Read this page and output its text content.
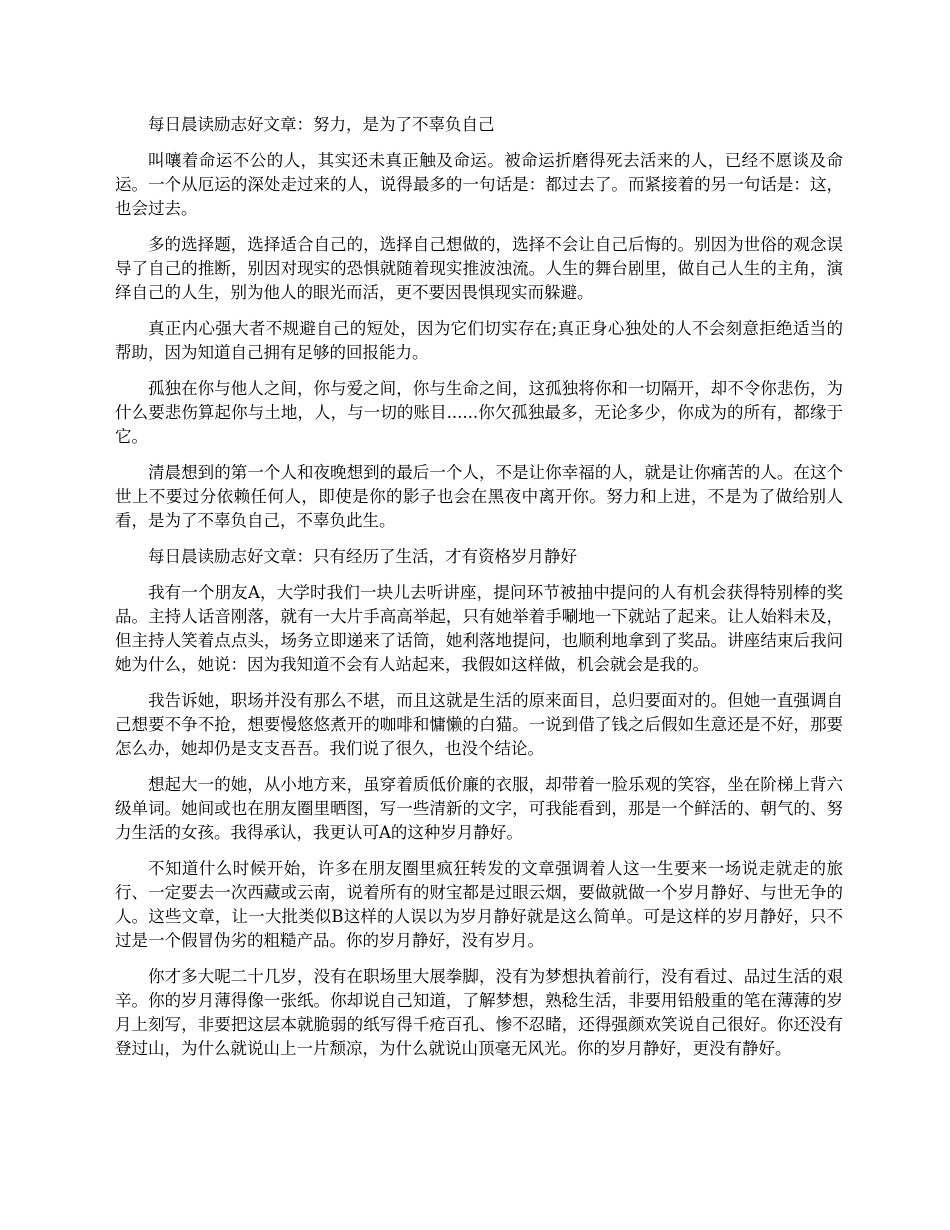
每日晨读励志好文章：努力，是为了不辜负自己

叫嚷着命运不公的人，其实还未真正触及命运。被命运折磨得死去活来的人，已经不愿谈及命运。一个从厄运的深处走过来的人，说得最多的一句话是：都过去了。而紧接着的另一句话是：这，也会过去。

多的选择题，选择适合自己的，选择自己想做的，选择不会让自己后悔的。别因为世俗的观念误导了自己的推断，别因对现实的恐惧就随着现实推波浊流。人生的舞台剧里，做自己人生的主角，演绎自己的人生，别为他人的眼光而活，更不要因畏惧现实而躲避。

真正内心强大者不规避自己的短处，因为它们切实存在;真正身心独处的人不会刻意拒绝适当的帮助，因为知道自己拥有足够的回报能力。

孤独在你与他人之间，你与爱之间，你与生命之间，这孤独将你和一切隔开，却不令你悲伤，为什么要悲伤算起你与土地，人，与一切的账目......你欠孤独最多，无论多少，你成为的所有，都缘于它。

清晨想到的第一个人和夜晚想到的最后一个人，不是让你幸福的人，就是让你痛苦的人。在这个世上不要过分依赖任何人，即使是你的影子也会在黑夜中离开你。努力和上进，不是为了做给别人看，是为了不辜负自己，不辜负此生。

每日晨读励志好文章：只有经历了生活，才有资格岁月静好

我有一个朋友A，大学时我们一块儿去听讲座，提问环节被抽中提问的人有机会获得特别棒的奖品。主持人话音刚落，就有一大片手高高举起，只有她举着手唰地一下就站了起来。让人始料未及，但主持人笑着点点头，场务立即递来了话筒，她利落地提问，也顺利地拿到了奖品。讲座结束后我问她为什么，她说：因为我知道不会有人站起来，我假如这样做，机会就会是我的。

我告诉她，职场并没有那么不堪，而且这就是生活的原来面目，总归要面对的。但她一直强调自己想要不争不抢，想要慢悠悠煮开的咖啡和慵懒的白猫。一说到借了钱之后假如生意还是不好，那要怎么办，她却仍是支支吾吾。我们说了很久，也没个结论。

想起大一的她，从小地方来，虽穿着质低价廉的衣服，却带着一脸乐观的笑容，坐在阶梯上背六级单词。她间或也在朋友圈里晒图，写一些清新的文字，可我能看到，那是一个鲜活的、朝气的、努力生活的女孩。我得承认，我更认可A的这种岁月静好。

不知道什么时候开始，许多在朋友圈里疯狂转发的文章强调着人这一生要来一场说走就走的旅行、一定要去一次西藏或云南，说着所有的财宝都是过眼云烟，要做就做一个岁月静好、与世无争的人。这些文章，让一大批类似B这样的人误以为岁月静好就是这么简单。可是这样的岁月静好，只不过是一个假冒伪劣的粗糙产品。你的岁月静好，没有岁月。

你才多大呢二十几岁，没有在职场里大展拳脚，没有为梦想执着前行，没有看过、品过生活的艰辛。你的岁月薄得像一张纸。你却说自己知道，了解梦想，熟稔生活，非要用铅般重的笔在薄薄的岁月上刻写，非要把这层本就脆弱的纸写得千疮百孔、惨不忍睹，还得强颜欢笑说自己很好。你还没有登过山，为什么就说山上一片颓凉，为什么就说山顶毫无风光。你的岁月静好，更没有静好。
